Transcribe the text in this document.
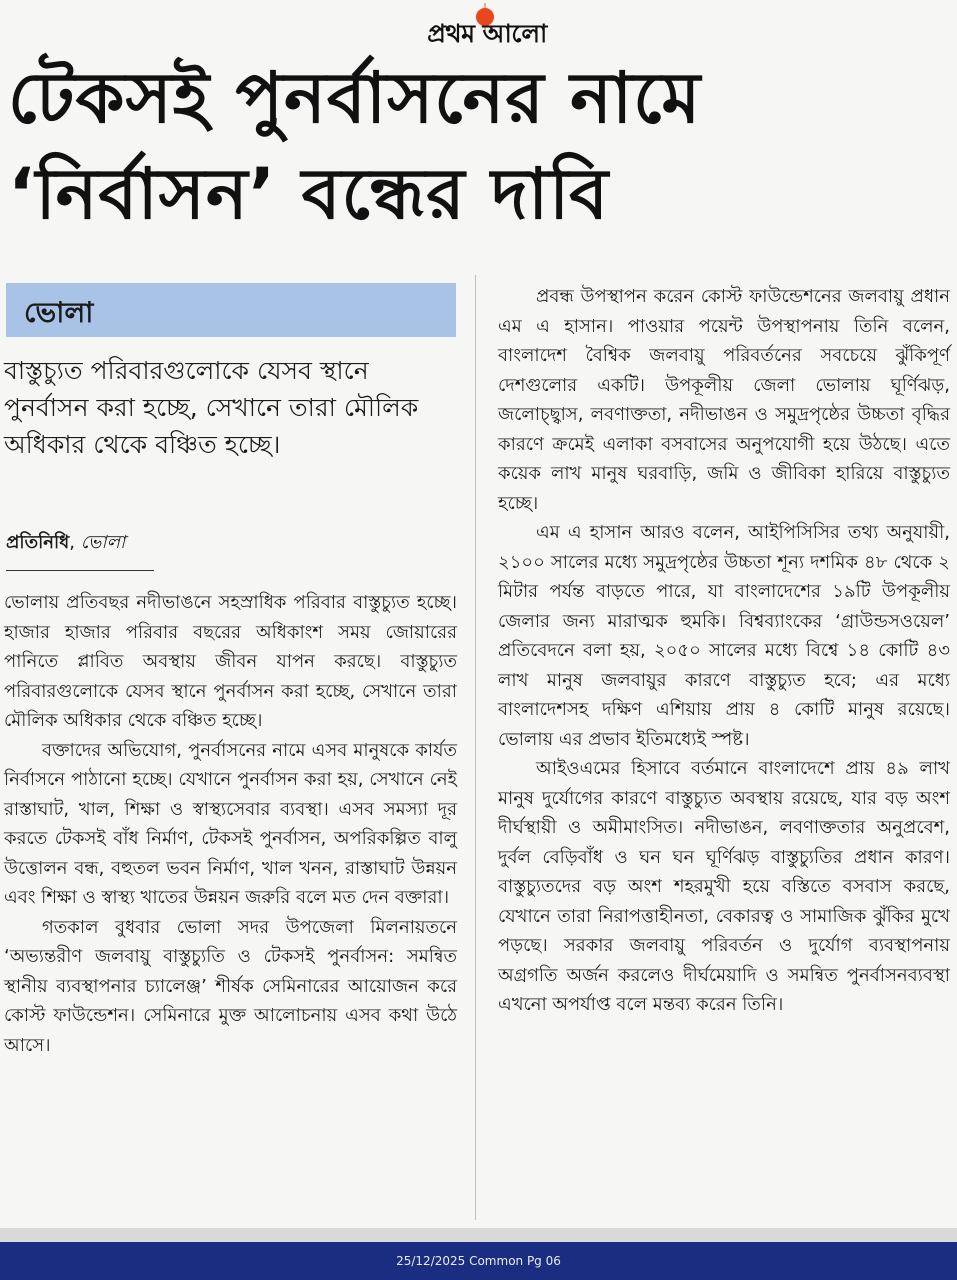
প্রথম আলো

টেকসই পুনর্বাসনের নামে

‘নির্বাসন’ বন্ধের দাবি

ভোলা
বাস্তুচ্যুত পরিবারগুলোকে যেসব স্থানে পুনর্বাসন করা হচ্ছে, সেখানে তারা মৌলিক অধিকার থেকে বঞ্চিত হচ্ছে।
প্রতিনিধি, ভোলা

ভোলায় প্রতিবছর নদীভাঙনে সহস্রাধিক পরিবার বাস্তুচ্যুত হচ্ছে। হাজার হাজার পরিবার বছরের অধিকাংশ সময় জোয়ারের পানিতে প্লাবিত অবস্থায় জীবন যাপন করছে। বাস্তুচ্যুত পরিবারগুলোকে যেসব স্থানে পুনর্বাসন করা হচ্ছে, সেখানে তারা মৌলিক অধিকার থেকে বঞ্চিত হচ্ছে।

বক্তাদের অভিযোগ, পুনর্বাসনের নামে এসব মানুষকে কার্যত নির্বাসনে পাঠানো হচ্ছে। যেখানে পুনর্বাসন করা হয়, সেখানে নেই রাস্তাঘাট, খাল, শিক্ষা ও স্বাস্থ্যসেবার ব্যবস্থা। এসব সমস্যা দূর করতে টেকসই বাঁধ নির্মাণ, টেকসই পুনর্বাসন, অপরিকল্পিত বালু উত্তোলন বন্ধ, বহুতল ভবন নির্মাণ, খাল খনন, রাস্তাঘাট উন্নয়ন এবং শিক্ষা ও স্বাস্থ্য খাতের উন্নয়ন জরুরি বলে মত দেন বক্তারা।

গতকাল বুধবার ভোলা সদর উপজেলা মিলনায়তনে ‘অভ্যন্তরীণ জলবায়ু বাস্তুচ্যুতি ও টেকসই পুনর্বাসন: সমন্বিত স্থানীয় ব্যবস্থাপনার চ্যালেঞ্জ’ শীর্ষক সেমিনারের আয়োজন করে কোস্ট ফাউন্ডেশন। সেমিনারে মুক্ত আলোচনায় এসব কথা উঠে আসে।

প্রবন্ধ উপস্থাপন করেন কোস্ট ফাউন্ডেশনের জলবায়ু প্রধান এম এ হাসান। পাওয়ার পয়েন্ট উপস্থাপনায় তিনি বলেন, বাংলাদেশ বৈশ্বিক জলবায়ু পরিবর্তনের সবচেয়ে ঝুঁকিপূর্ণ দেশগুলোর একটি। উপকূলীয় জেলা ভোলায় ঘূর্ণিঝড়, জলোচ্ছ্বাস, লবণাক্ততা, নদীভাঙন ও সমুদ্রপৃষ্ঠের উচ্চতা বৃদ্ধির কারণে ক্রমেই এলাকা বসবাসের অনুপযোগী হয়ে উঠছে। এতে কয়েক লাখ মানুষ ঘরবাড়ি, জমি ও জীবিকা হারিয়ে বাস্তুচ্যুত হচ্ছে।

এম এ হাসান আরও বলেন, আইপিসিসির তথ্য অনুযায়ী, ২১০০ সালের মধ্যে সমুদ্রপৃষ্ঠের উচ্চতা শূন্য দশমিক ৪৮ থেকে ২ মিটার পর্যন্ত বাড়তে পারে, যা বাংলাদেশের ১৯টি উপকূলীয় জেলার জন্য মারাত্মক হুমকি। বিশ্বব্যাংকের ‘গ্রাউন্ডসওয়েল’ প্রতিবেদনে বলা হয়, ২০৫০ সালের মধ্যে বিশ্বে ১৪ কোটি ৪৩ লাখ মানুষ জলবায়ুর কারণে বাস্তুচ্যুত হবে; এর মধ্যে বাংলাদেশসহ দক্ষিণ এশিয়ায় প্রায় ৪ কোটি মানুষ রয়েছে। ভোলায় এর প্রভাব ইতিমধ্যেই স্পষ্ট।

আইওএমের হিসাবে বর্তমানে বাংলাদেশে প্রায় ৪৯ লাখ মানুষ দুর্যোগের কারণে বাস্তুচ্যুত অবস্থায় রয়েছে, যার বড় অংশ দীর্ঘস্থায়ী ও অমীমাংসিত। নদীভাঙন, লবণাক্ততার অনুপ্রবেশ, দুর্বল বেড়িবাঁধ ও ঘন ঘন ঘূর্ণিঝড় বাস্তুচ্যুতির প্রধান কারণ। বাস্তুচ্যুতদের বড় অংশ শহরমুখী হয়ে বস্তিতে বসবাস করছে, যেখানে তারা নিরাপত্তাহীনতা, বেকারত্ব ও সামাজিক ঝুঁকির মুখে পড়ছে। সরকার জলবায়ু পরিবর্তন ও দুর্যোগ ব্যবস্থাপনায় অগ্রগতি অর্জন করলেও দীর্ঘমেয়াদি ও সমন্বিত পুনর্বাসনব্যবস্থা এখনো অপর্যাপ্ত বলে মন্তব্য করেন তিনি।

25/12/2025 Common Pg 06
